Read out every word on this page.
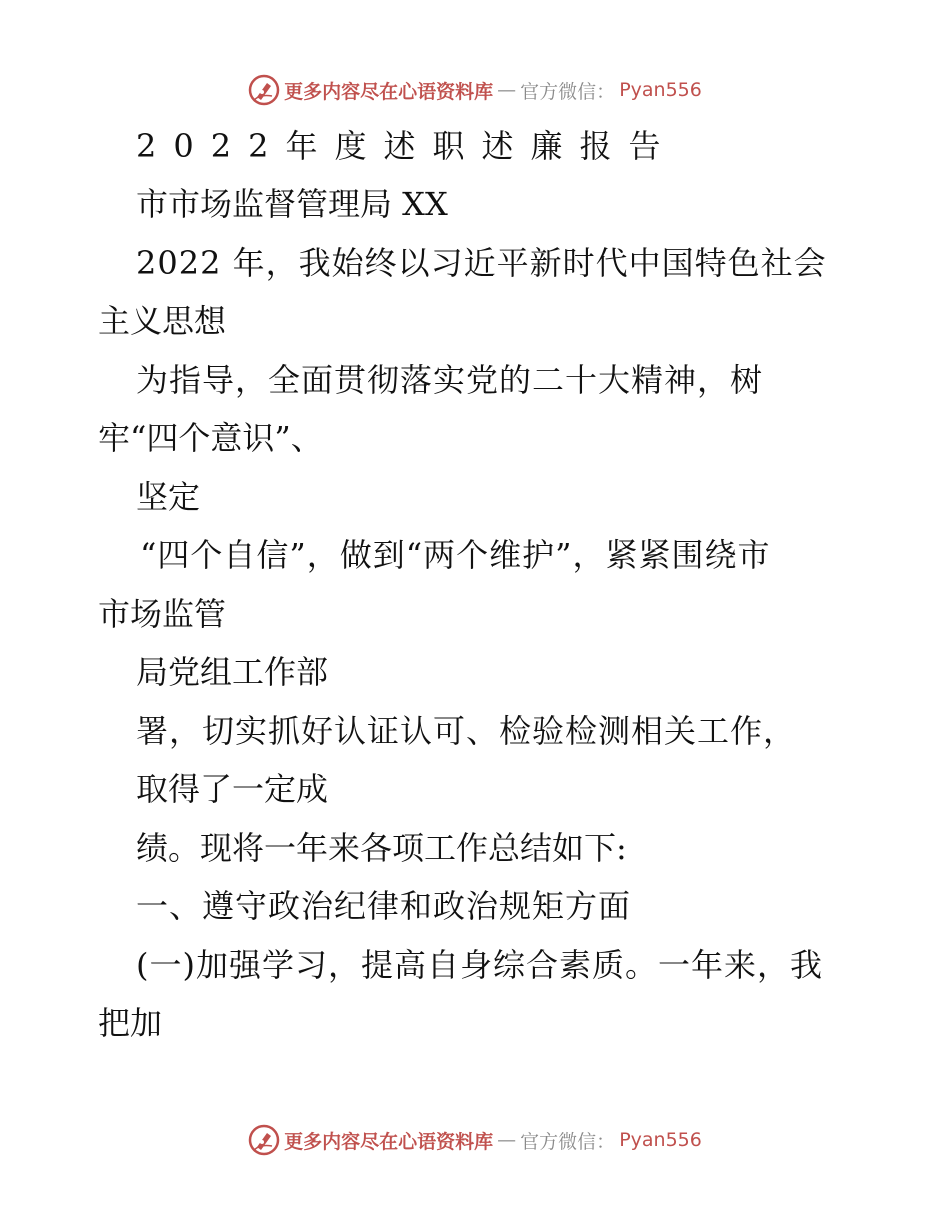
更多内容尽在心语资料库 — 官方微信： Pyan556
2022年度述职述廉报告
市市场监督管理局 XX
2022 年，我始终以习近平新时代中国特色社会
主义思想
为指导，全面贯彻落实党的二十大精神，树
牢“四个意识”、
坚定
“四个自信”，做到“两个维护”，紧紧围绕市
市场监管
局党组工作部
署，切实抓好认证认可、检验检测相关工作，
取得了一定成
绩。现将一年来各项工作总结如下:
一、遵守政治纪律和政治规矩方面
(一)加强学习，提高自身综合素质。一年来，我
把加
更多内容尽在心语资料库 — 官方微信： Pyan556
